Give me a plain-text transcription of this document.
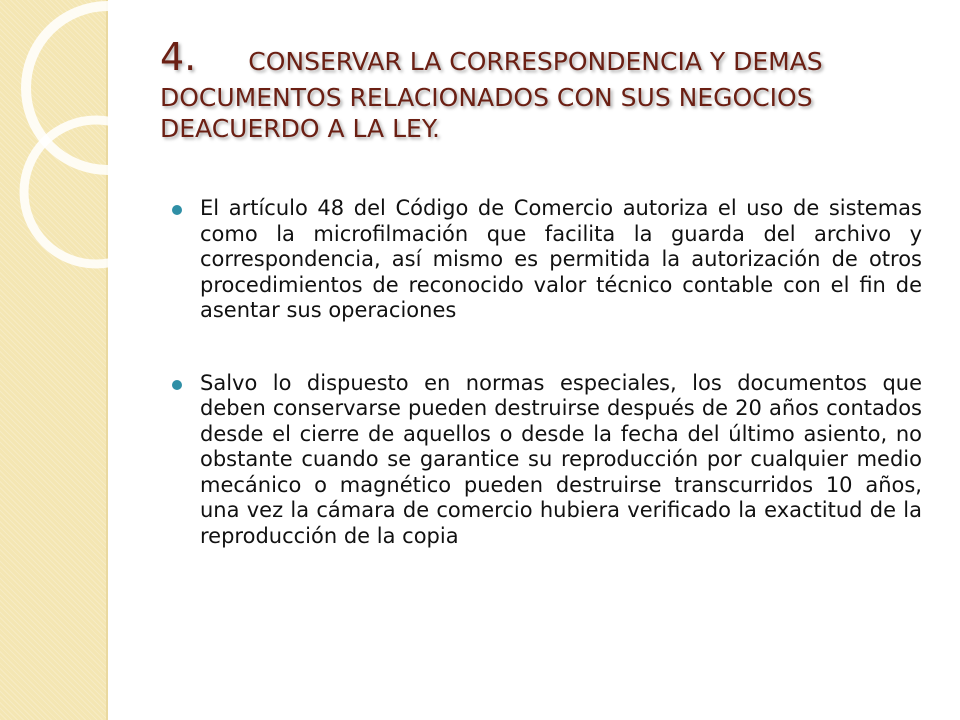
4. CONSERVAR LA CORRESPONDENCIA Y DEMAS DOCUMENTOS RELACIONADOS CON SUS NEGOCIOS DEACUERDO A LA LEY.
El artículo 48 del Código de Comercio autoriza el uso de sistemas como la microfilmación que facilita la guarda del archivo y correspondencia, así mismo es permitida la autorización de otros procedimientos de reconocido valor técnico contable con el fin de asentar sus operaciones
Salvo lo dispuesto en normas especiales, los documentos que deben conservarse pueden destruirse después de 20 años contados desde el cierre de aquellos o desde la fecha del último asiento, no obstante cuando se garantice su reproducción por cualquier medio mecánico o magnético pueden destruirse transcurridos 10 años, una vez la cámara de comercio hubiera verificado la exactitud de la reproducción de la copia
